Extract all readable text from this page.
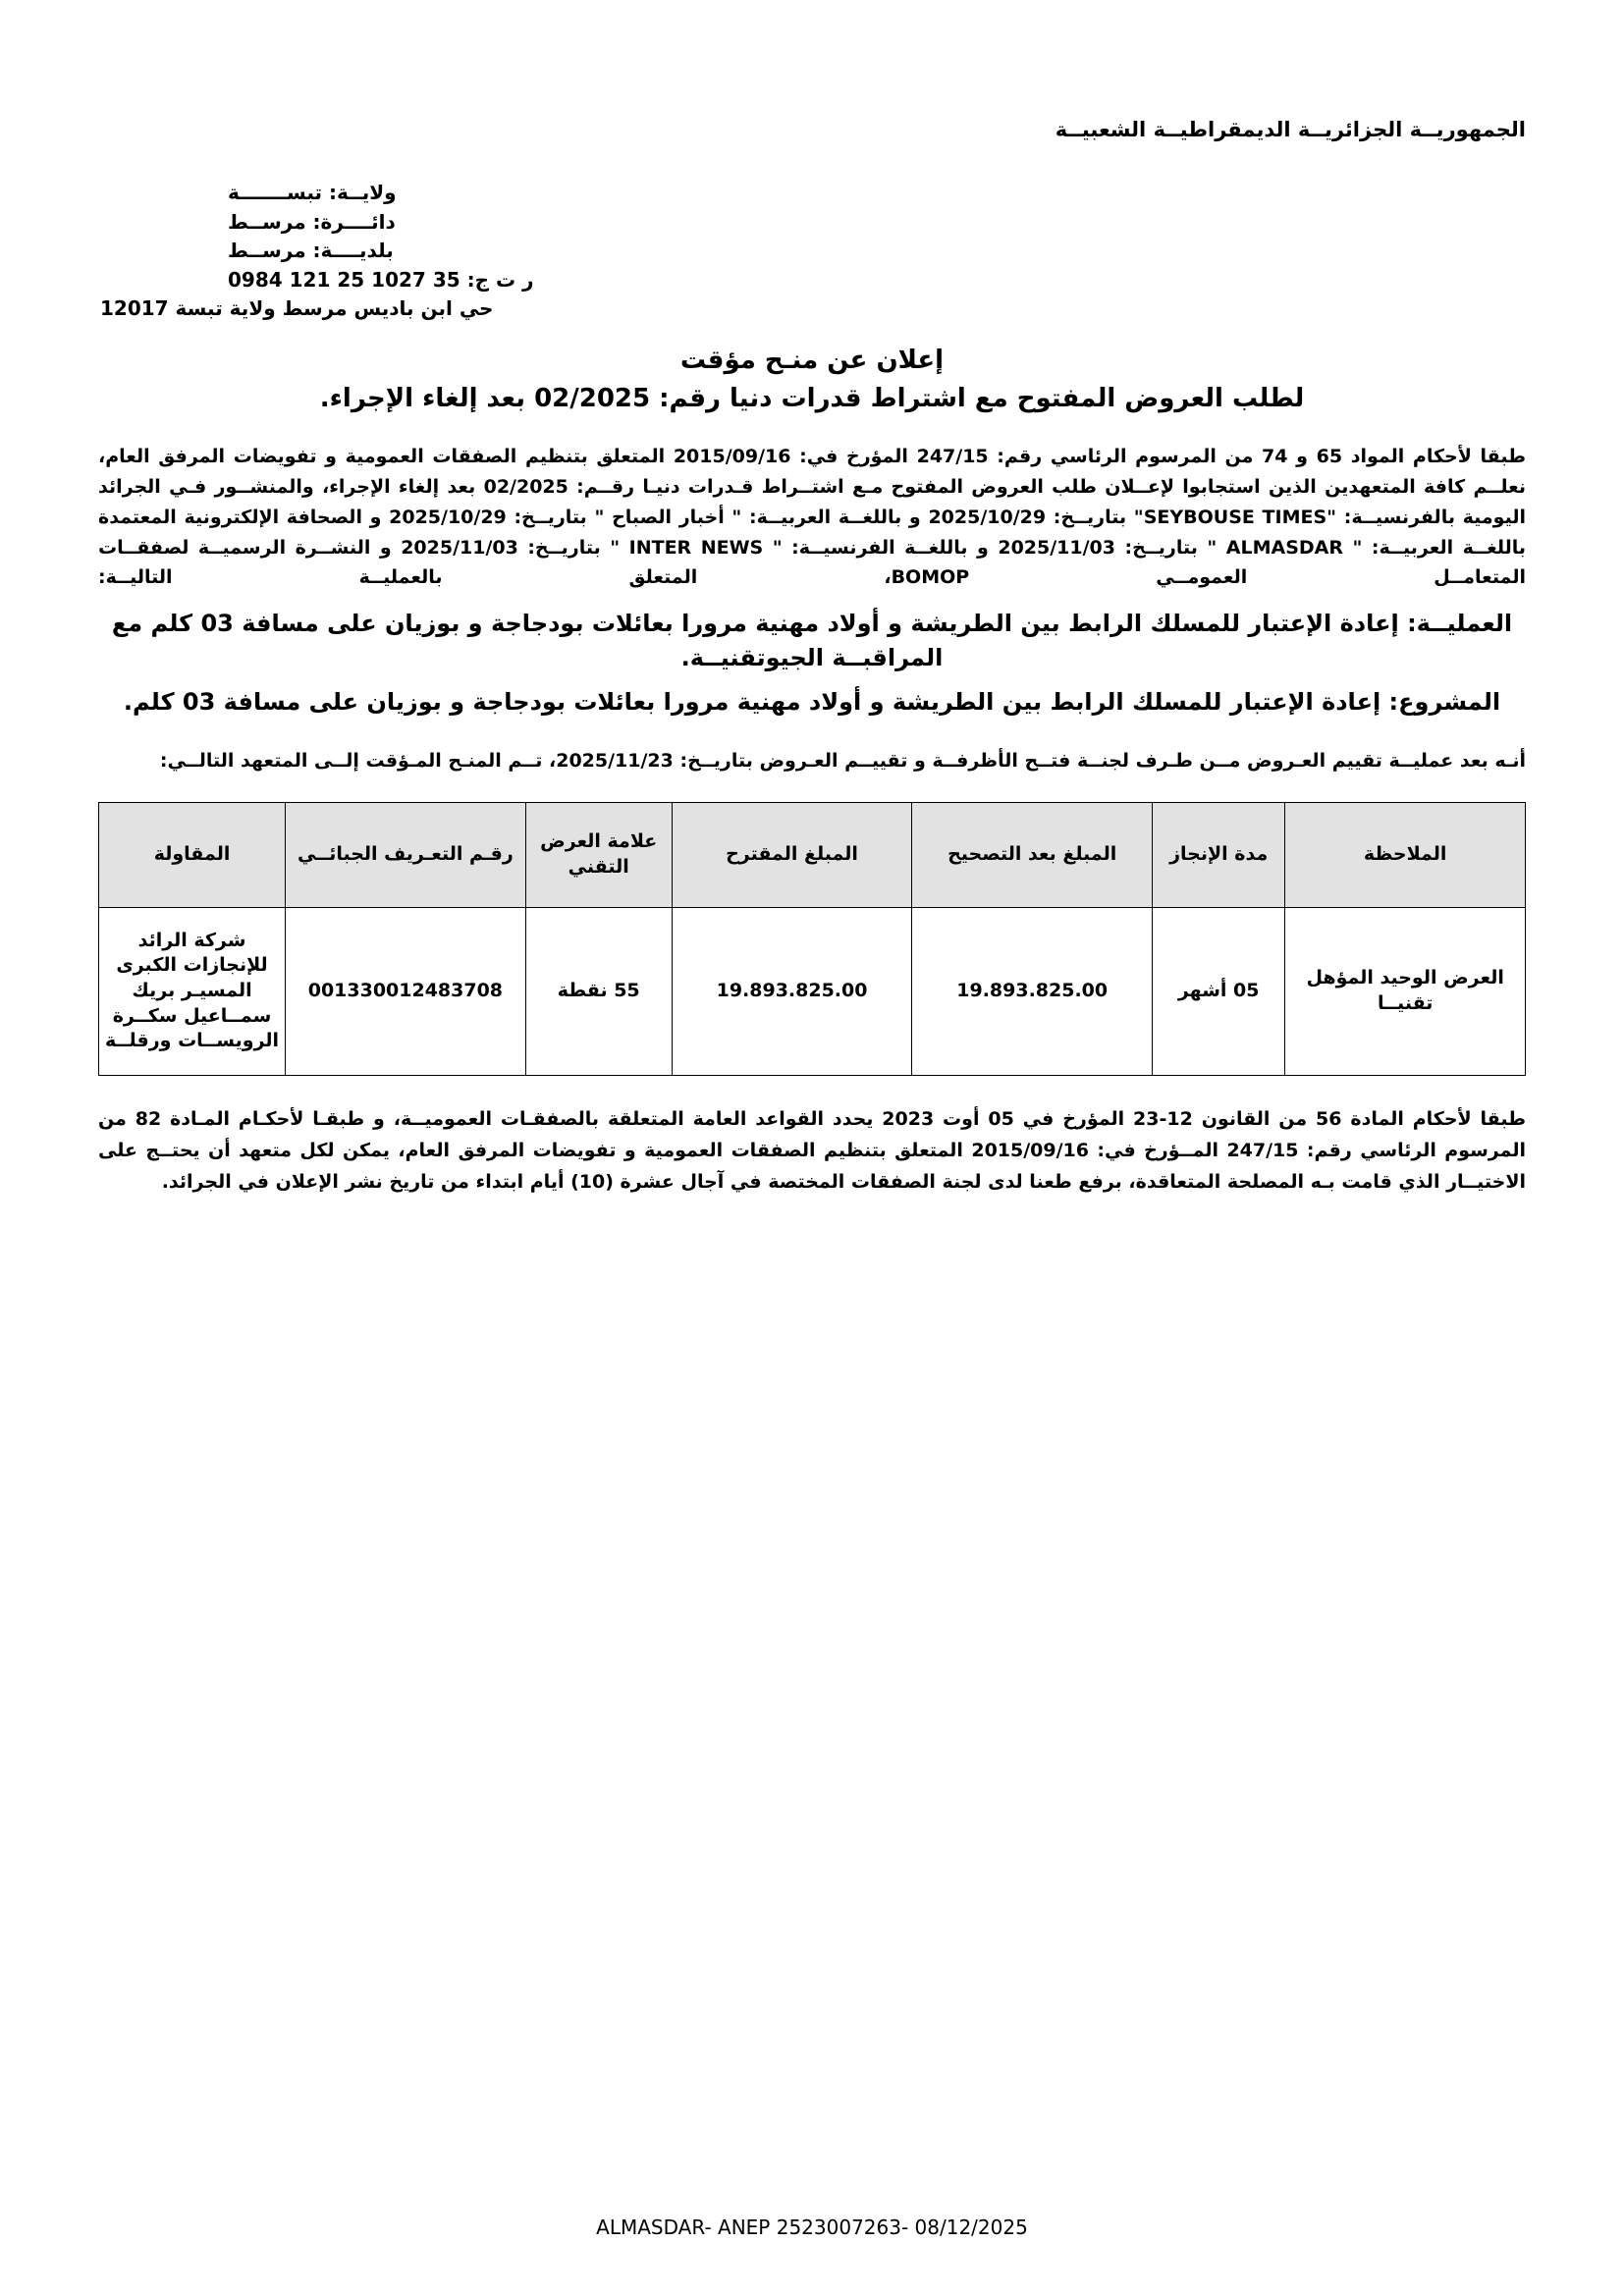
الجمهوريــة الجزائريــة الديمقراطيــة الشعبيــة
ولايــة: تبســـــــة
دائــــرة: مرســط
بلديــــة: مرســط
ر ت ج: 35 1027 25 121 0984
حي ابن باديس مرسط ولاية تبسة 12017
إعلان عن منـح مؤقت
لطلب العروض المفتوح مع اشتراط قدرات دنيا رقم: 02/2025 بعد إلغاء الإجراء.
طبقا لأحكام المواد 65 و 74 من المرسوم الرئاسي رقم: 247/15 المؤرخ في: 2015/09/16 المتعلق بتنظيم الصفقات العمومية و تفويضات المرفق العام، نعلــم كافة المتعهدين الذين استجابوا لإعــلان طلب العروض المفتوح مـع اشتــراط قـدرات دنيـا رقــم: 02/2025 بعد إلغاء الإجراء، والمنشــور فـي الجرائد اليومية بالفرنسيــة: "SEYBOUSE TIMES" بتاريــخ: 2025/10/29 و باللغــة العربيــة: " أخبار الصباح " بتاريــخ: 2025/10/29 و الصحافة الإلكترونية المعتمدة باللغــة العربيــة: " ALMASDAR " بتاريــخ: 2025/11/03 و باللغــة الفرنسيــة: " INTER NEWS " بتاريــخ: 2025/11/03 و النشــرة الرسميــة لصفقــات المتعامــل العمومــي BOMOP، المتعلق بالعمليــة التاليــة:
العمليــة: إعادة الإعتبار للمسلك الرابط بين الطريشة و أولاد مهنية مرورا بعائلات بودجاجة و بوزيان على مسافة 03 كلم مع المراقبــة الجيوتقنيــة.
المشروع: إعادة الإعتبار للمسلك الرابط بين الطريشة و أولاد مهنية مرورا بعائلات بودجاجة و بوزيان على مسافة 03 كلم.
أنـه بعد عمليــة تقييم العـروض مــن طـرف لجنــة فتــح الأظرفــة و تقييــم العـروض بتاريــخ: 2025/11/23، تــم المنـح المـؤقت إلــى المتعهد التالــي:
الملاحظة	مدة الإنجاز	المبلغ بعد التصحيح	المبلغ المقترح	علامة العرض التقني	رقـم التعـريف الجبائــي	المقاولة
العرض الوحيد المؤهل تقنيــا	05 أشهر	19.893.825.00	19.893.825.00	55 نقطة	001330012483708	شركة الرائد للإنجازات الكبرى المسيـر بريك سمــاعيل سكــرة الرويســات ورقلــة
طبقا لأحكام المادة 56 من القانون 12-23 المؤرخ في 05 أوت 2023 يحدد القواعد العامة المتعلقة بالصفقـات العموميــة، و طبقـا لأحكـام المـادة 82 من المرسوم الرئاسي رقم: 247/15 المــؤرخ في: 2015/09/16 المتعلق بتنظيم الصفقات العمومية و تفويضات المرفق العام، يمكن لكل متعهد أن يحتــج على الاختيــار الذي قامت بـه المصلحة المتعاقدة، برفع طعنا لدى لجنة الصفقات المختصة في آجال عشرة (10) أيام ابتداء من تاريخ نشر الإعلان في الجرائد.
ALMASDAR- ANEP 2523007263- 08/12/2025
